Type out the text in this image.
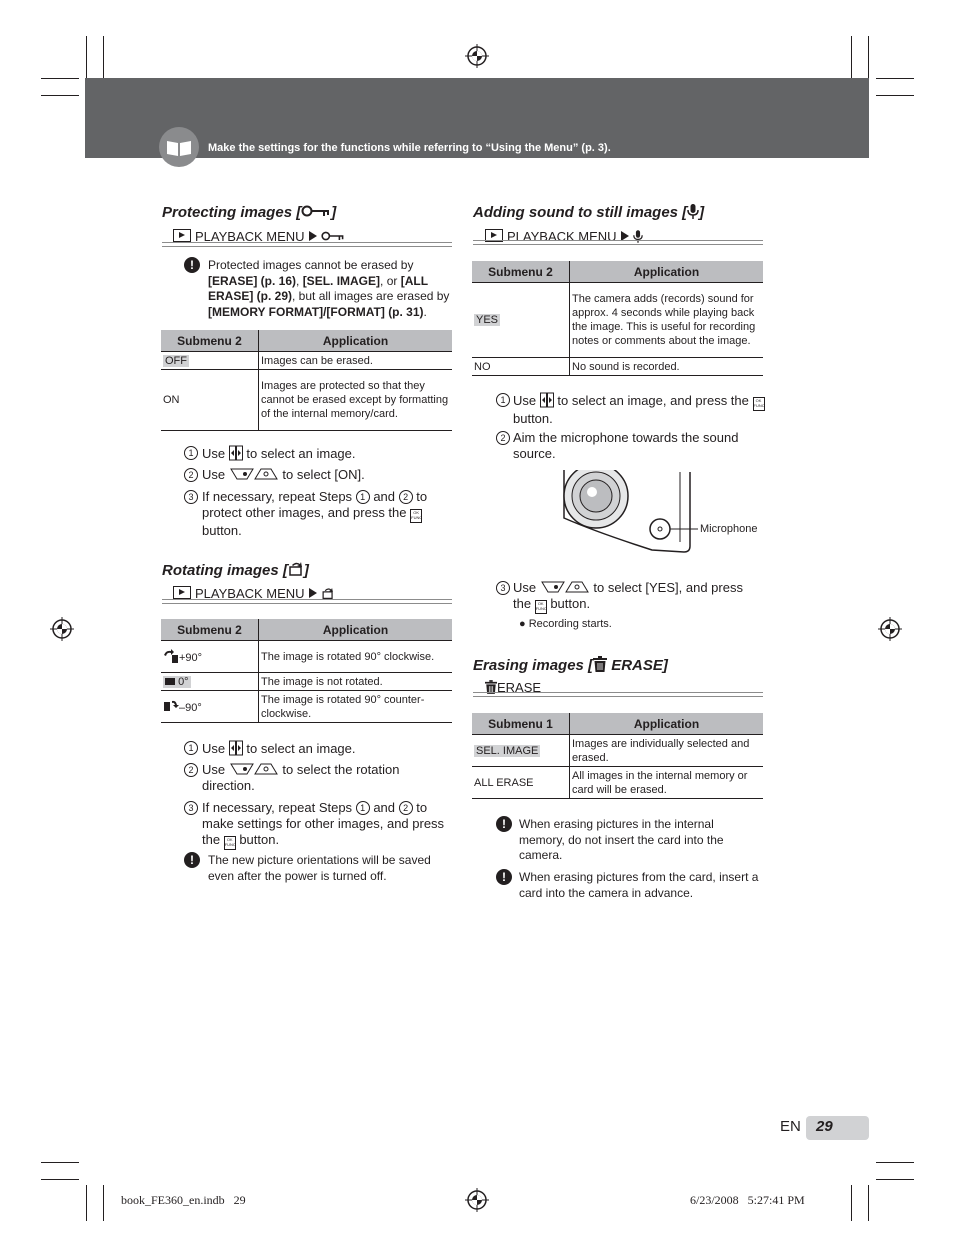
Make the settings for the functions while referring to “Using the Menu” (p. 3).
Protecting images [ ]
PLAYBACK MENU
!	Protected images cannot be erased by [ERASE] (p. 16), [SEL. IMAGE], or [ALL ERASE] (p. 29), but all images are erased by [MEMORY FORMAT]/[FORMAT] (p. 31).
Submenu 2	Application
OFF	Images can be erased.
ON	Images are protected so that they cannot be erased except by formatting of the internal memory/card.
1 Use to select an image.
2 Use	to select [ON].
3 If necessary, repeat Steps 1 and 2 to protect other images, and press the OK
FUNC button.
Rotating images [ ]
PLAYBACK MENU
Submenu 2	Application
+90°	The image is rotated 90° clockwise.
0°	The image is not rotated.
–90°	The image is rotated 90° counter-clockwise.
1 Use to select an image.
2 Use	to select the rotation direction.
3 If necessary, repeat Steps 1 and 2 to make settings for other images, and press the OK
FUNC button.
!	The new picture orientations will be saved even after the power is turned off.
Adding sound to still images [ ]
PLAYBACK MENU
Submenu 2	Application
YES	The camera adds (records) sound for approx. 4 seconds while playing back the image. This is useful for recording notes or comments about the image.
NO	No sound is recorded.
1 Use to select an image, and press the OK
FUNC button.
2 Aim the microphone towards the sound source.
Microphone
3 Use	to select [YES], and press the OK
FUNC button.
● Recording starts.
Erasing images [ ERASE]
ERASE
Submenu 1	Application
SEL. IMAGE	Images are individually selected and erased.
ALL ERASE	All images in the internal memory or card will be erased.
!	When erasing pictures in the internal memory, do not insert the card into the camera.
!	When erasing pictures from the card, insert a card into the camera in advance.
EN 29
book_FE360_en.indb   29	6/23/2008   5:27:41 PM
